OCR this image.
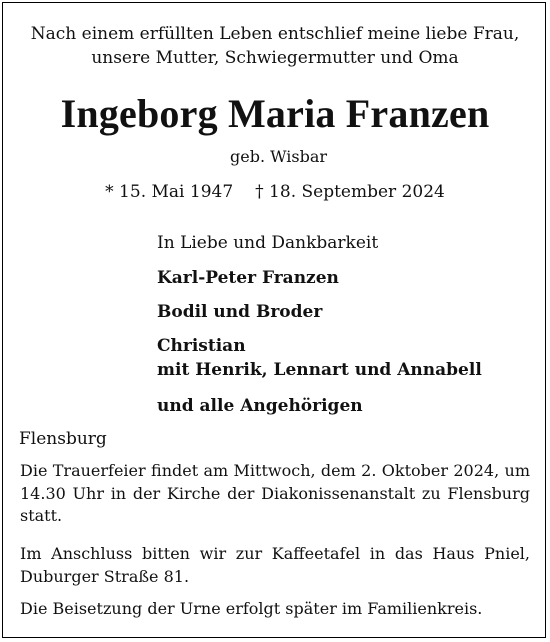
Nach einem erfüllten Leben entschlief meine liebe Frau,
unsere Mutter, Schwiegermutter und Oma
Ingeborg Maria Franzen
geb. Wisbar
* 15. Mai 1947 † 18. September 2024
In Liebe und Dankbarkeit
Karl-Peter Franzen
Bodil und Broder
Christian
mit Henrik, Lennart und Annabell
und alle Angehörigen
Flensburg
Die Trauerfeier findet am Mittwoch, dem 2. Oktober 2024, um 14.30 Uhr in der Kirche der Diakonissenanstalt zu Flensburg statt.
Im Anschluss bitten wir zur Kaffeetafel in das Haus Pniel, Duburger Straße 81.
Die Beisetzung der Urne erfolgt später im Familienkreis.
